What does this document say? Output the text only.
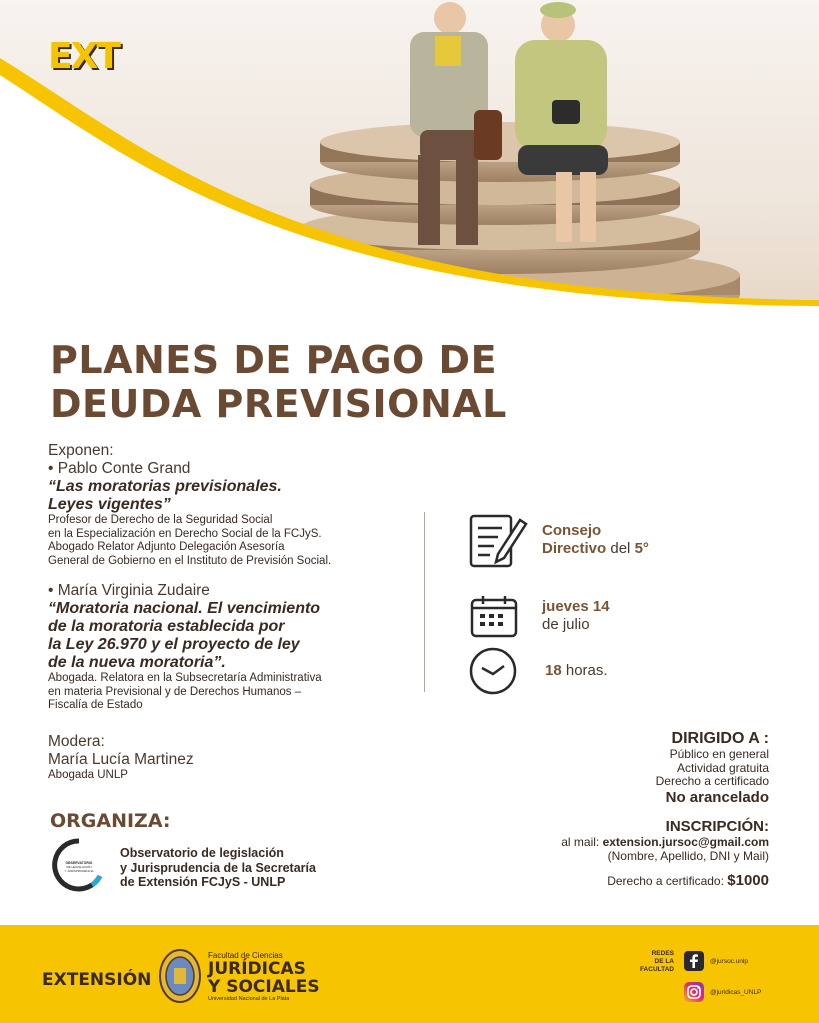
EXT
PLANES DE PAGO DE
DEUDA PREVISIONAL
Exponen:
• Pablo Conte Grand
“Las moratorias previsionales.
Leyes vigentes”
Profesor de Derecho de la Seguridad Social
en la Especialización en Derecho Social de la FCJyS.
Abogado Relator Adjunto Delegación Asesoría
General de Gobierno en el Instituto de Previsión Social.
• María Virginia Zudaire
“Moratoria nacional. El vencimiento
de la moratoria establecida por
la Ley 26.970 y el proyecto de ley
de la nueva moratoria”.
Abogada. Relatora en la Subsecretaría Administrativa
en materia Previsional y de Derechos Humanos –
Fiscalía de Estado
Modera:
María Lucía Martinez
Abogada UNLP
Consejo
Directivo del 5°
jueves 14
de julio
18 horas.
DIRIGIDO A :
Público en general
Actividad gratuita
Derecho a certificado
No arancelado
INSCRIPCIÓN:
al mail: extension.jursoc@gmail.com
(Nombre, Apellido, DNI y Mail)
Derecho a certificado: $1000
ORGANIZA:
OBSERVATORIO
DE LEGISLACIÓN
Y JURISPRUDENCIA
Observatorio de legislación
y Jurisprudencia de la Secretaría
de Extensión FCJyS - UNLP
EXTENSIÓN
Facultad de Ciencias
JURÍDICAS
Y SOCIALES
Universidad Nacional de La Plata
REDES
DE LA
FACULTAD
@jursoc.unlp
@juridicas_UNLP
